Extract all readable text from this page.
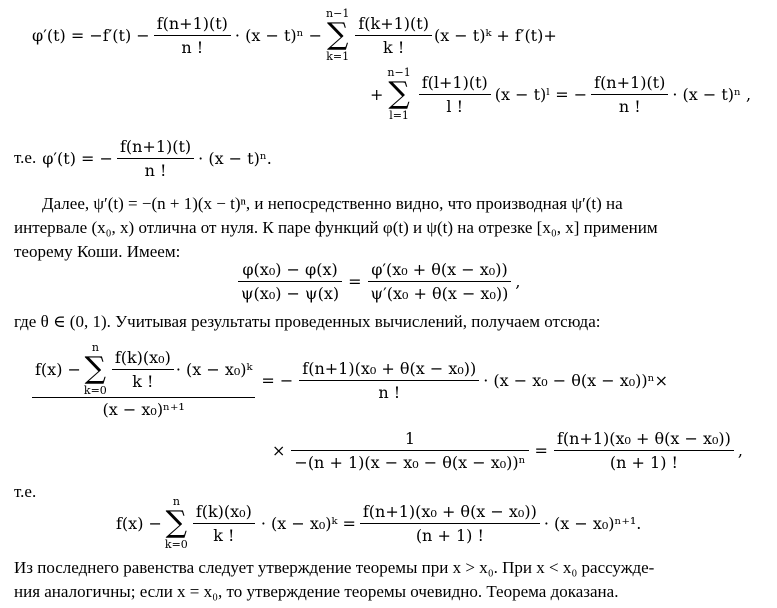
$\varphi'(t) = -f'(t) - \frac{f(n+1)(t)}{n !} \cdot (x - t)^n$ −
n−1
∑
$k=1 \frac{f(k+1)(t)}{k !} (x$ − t)ᵏ + f′(t)+
+
n−1
∑
$l=1 \frac{f(l+1)(t)}{l !} (x$ − t)ˡ = − $\frac{f(n+1)(t)}{n !} \cdot (x - t)^n$ ,
т.е. φ′(t) = − $\frac{f(n+1)(t)}{n !} \cdot (x - t)^n$.
Далее, ψ′(t) = −(n + 1)(x − t)ⁿ, и непосредственно видно, что производная ψ′(t) на
интервале (x₀, x) отлична от нуля. К паре функций φ(t) и ψ(t) на отрезке [x₀, x] применим
теорему Коши. Имеем:
$\frac{\text{φ(x₀) − φ(x)}}{\text{ψ(x₀) − ψ(x)}} = \frac{\text{φ′(x₀ + θ(x − x₀))}}{\text{ψ′(x₀ + θ(x − x₀))}}$ ,
где θ ∈ (0, 1). Учитывая результаты проведенных вычислений, получаем отсюда:
f(x) −
n
∑
$k=0 \frac{\text{f(k)(x₀)}}{k !} \cdot (x$ − x₀)ᵏ
(x − x₀)ⁿ⁺¹
= − $\frac{\text{f(n+1)(x₀ + θ(x − x₀))}}{n !} \cdot (x - x_0 - \theta(x - x_0))^n\times$
× $\frac{1}{\text{−(n + 1)(x − x₀ − θ(x − x₀))ⁿ}} = \frac{\text{f(n+1)(x₀ + θ(x − x₀))}}{(n + 1) !}$ ,
т.е.
f(x) −
n
∑
$k=0 \frac{\text{f(k)(x₀)}}{k !} \cdot (x$ − x₀)ᵏ = $\frac{\text{f(n+1)(x₀ + θ(x − x₀))}}{(n + 1) !} \cdot (x - x_0)^{n+1}$.
Из последнего равенства следует утверждение теоремы при x > x₀. При x < x₀ рассужде-
ния аналогичны; если x = x₀, то утверждение теоремы очевидно. Теорема доказана.
